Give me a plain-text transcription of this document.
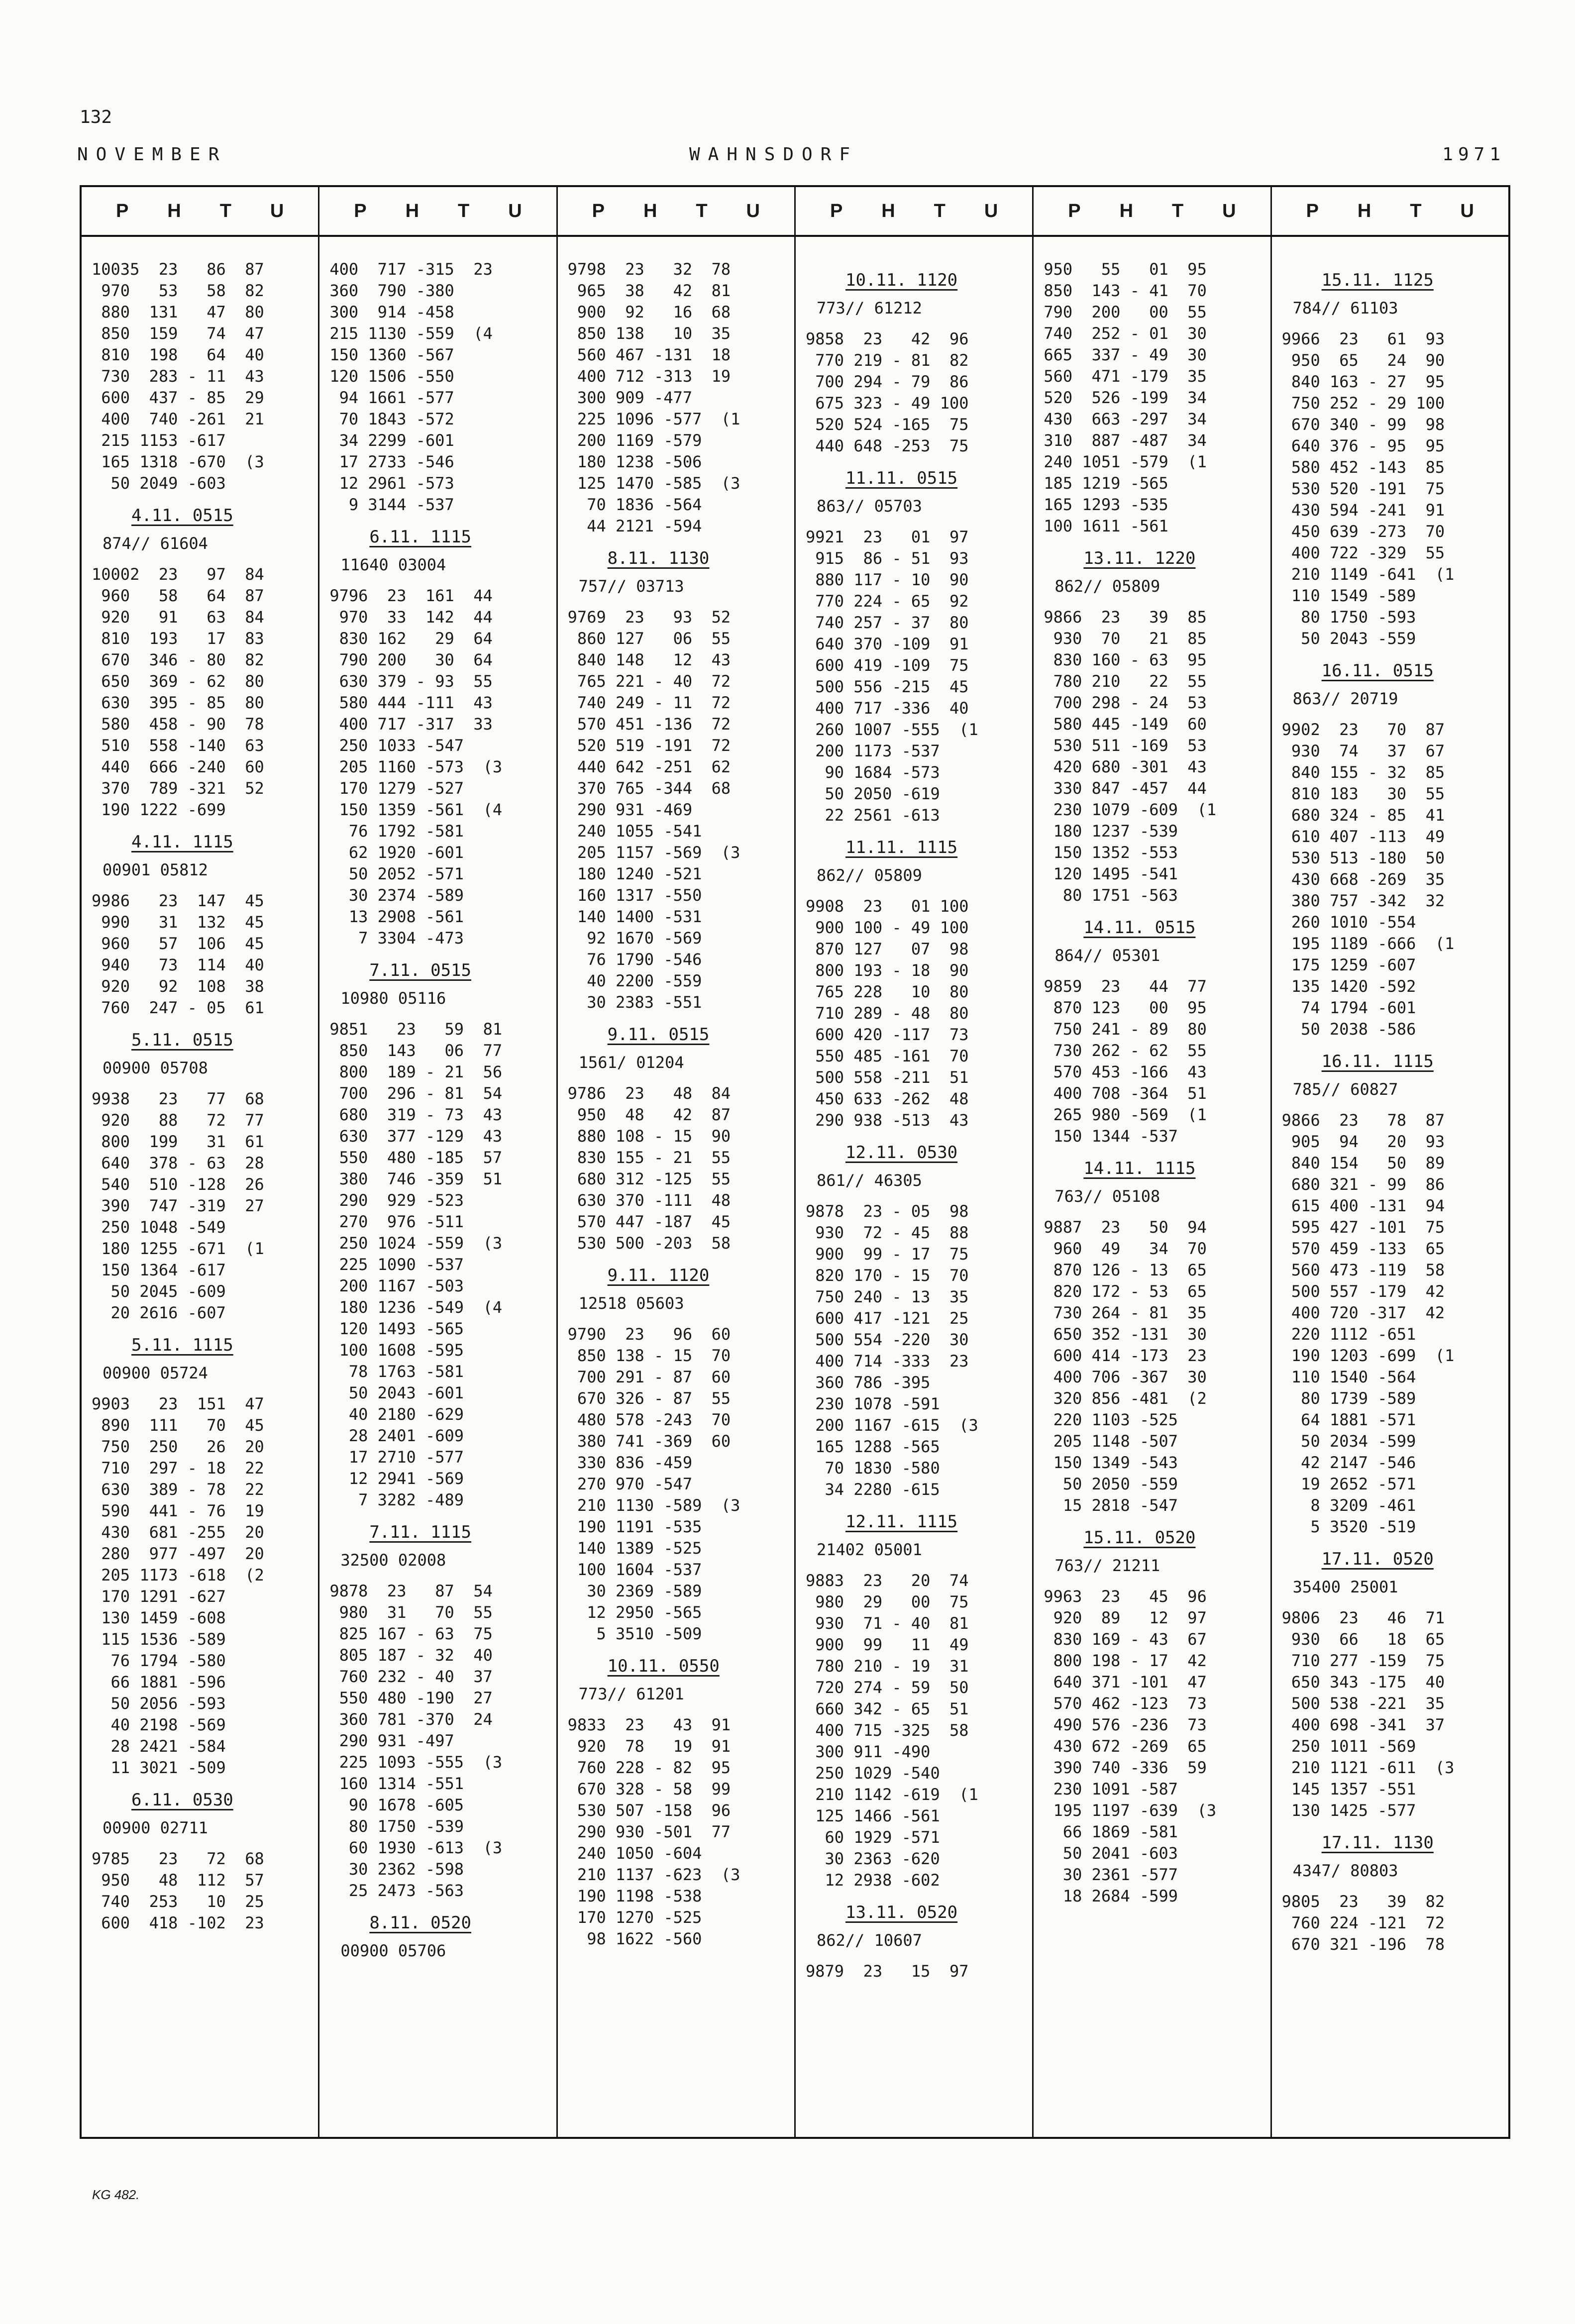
132
NOVEMBER	WAHNSDORF	1971
P H T U
10035  23   86  87
970   53   58  82
880  131   47  80
850  159   74  47
810  198   64  40
730  283 - 11  43
600  437 - 85  29
400  740 -261  21
215 1153 -617
165 1318 -670  (3
50 2049 -603
4.11. 0515
874// 61604
10002  23   97  84
960   58   64  87
920   91   63  84
810  193   17  83
670  346 - 80  82
650  369 - 62  80
630  395 - 85  80
580  458 - 90  78
510  558 -140  63
440  666 -240  60
370  789 -321  52
190 1222 -699
4.11. 1115
00901 05812
9986   23  147  45
990   31  132  45
960   57  106  45
940   73  114  40
920   92  108  38
760  247 - 05  61
5.11. 0515
00900 05708
9938   23   77  68
920   88   72  77
800  199   31  61
640  378 - 63  28
540  510 -128  26
390  747 -319  27
250 1048 -549
180 1255 -671  (1
150 1364 -617
50 2045 -609
20 2616 -607
5.11. 1115
00900 05724
9903   23  151  47
890  111   70  45
750  250   26  20
710  297 - 18  22
630  389 - 78  22
590  441 - 76  19
430  681 -255  20
280  977 -497  20
205 1173 -618  (2
170 1291 -627
130 1459 -608
115 1536 -589
76 1794 -580
66 1881 -596
50 2056 -593
40 2198 -569
28 2421 -584
11 3021 -509
6.11. 0530
00900 02711
9785   23   72  68
950   48  112  57
740  253   10  25
600  418 -102  23
P H T U
400  717 -315  23
360  790 -380
300  914 -458
215 1130 -559  (4
150 1360 -567
120 1506 -550
94 1661 -577
70 1843 -572
34 2299 -601
17 2733 -546
12 2961 -573
9 3144 -537
6.11. 1115
11640 03004
9796  23  161  44
970  33  142  44
830 162   29  64
790 200   30  64
630 379 - 93  55
580 444 -111  43
400 717 -317  33
250 1033 -547
205 1160 -573  (3
170 1279 -527
150 1359 -561  (4
76 1792 -581
62 1920 -601
50 2052 -571
30 2374 -589
13 2908 -561
7 3304 -473
7.11. 0515
10980 05116
9851   23   59  81
850  143   06  77
800  189 - 21  56
700  296 - 81  54
680  319 - 73  43
630  377 -129  43
550  480 -185  57
380  746 -359  51
290  929 -523
270  976 -511
250 1024 -559  (3
225 1090 -537
200 1167 -503
180 1236 -549  (4
120 1493 -565
100 1608 -595
78 1763 -581
50 2043 -601
40 2180 -629
28 2401 -609
17 2710 -577
12 2941 -569
7 3282 -489
7.11. 1115
32500 02008
9878  23   87  54
980  31   70  55
825 167 - 63  75
805 187 - 32  40
760 232 - 40  37
550 480 -190  27
360 781 -370  24
290 931 -497
225 1093 -555  (3
160 1314 -551
90 1678 -605
80 1750 -539
60 1930 -613  (3
30 2362 -598
25 2473 -563
8.11. 0520
00900 05706
P H T U
9798  23   32  78
965  38   42  81
900  92   16  68
850 138   10  35
560 467 -131  18
400 712 -313  19
300 909 -477
225 1096 -577  (1
200 1169 -579
180 1238 -506
125 1470 -585  (3
70 1836 -564
44 2121 -594
8.11. 1130
757// 03713
9769  23   93  52
860 127   06  55
840 148   12  43
765 221 - 40  72
740 249 - 11  72
570 451 -136  72
520 519 -191  72
440 642 -251  62
370 765 -344  68
290 931 -469
240 1055 -541
205 1157 -569  (3
180 1240 -521
160 1317 -550
140 1400 -531
92 1670 -569
76 1790 -546
40 2200 -559
30 2383 -551
9.11. 0515
1561/ 01204
9786  23   48  84
950  48   42  87
880 108 - 15  90
830 155 - 21  55
680 312 -125  55
630 370 -111  48
570 447 -187  45
530 500 -203  58
9.11. 1120
12518 05603
9790  23   96  60
850 138 - 15  70
700 291 - 87  60
670 326 - 87  55
480 578 -243  70
380 741 -369  60
330 836 -459
270 970 -547
210 1130 -589  (3
190 1191 -535
140 1389 -525
100 1604 -537
30 2369 -589
12 2950 -565
5 3510 -509
10.11. 0550
773// 61201
9833  23   43  91
920  78   19  91
760 228 - 82  95
670 328 - 58  99
530 507 -158  96
290 930 -501  77
240 1050 -604
210 1137 -623  (3
190 1198 -538
170 1270 -525
98 1622 -560
P H T U
10.11. 1120
773// 61212
9858  23   42  96
770 219 - 81  82
700 294 - 79  86
675 323 - 49 100
520 524 -165  75
440 648 -253  75
11.11. 0515
863// 05703
9921  23   01  97
915  86 - 51  93
880 117 - 10  90
770 224 - 65  92
740 257 - 37  80
640 370 -109  91
600 419 -109  75
500 556 -215  45
400 717 -336  40
260 1007 -555  (1
200 1173 -537
90 1684 -573
50 2050 -619
22 2561 -613
11.11. 1115
862// 05809
9908  23   01 100
900 100 - 49 100
870 127   07  98
800 193 - 18  90
765 228   10  80
710 289 - 48  80
600 420 -117  73
550 485 -161  70
500 558 -211  51
450 633 -262  48
290 938 -513  43
12.11. 0530
861// 46305
9878  23 - 05  98
930  72 - 45  88
900  99 - 17  75
820 170 - 15  70
750 240 - 13  35
600 417 -121  25
500 554 -220  30
400 714 -333  23
360 786 -395
230 1078 -591
200 1167 -615  (3
165 1288 -565
70 1830 -580
34 2280 -615
12.11. 1115
21402 05001
9883  23   20  74
980  29   00  75
930  71 - 40  81
900  99   11  49
780 210 - 19  31
720 274 - 59  50
660 342 - 65  51
400 715 -325  58
300 911 -490
250 1029 -540
210 1142 -619  (1
125 1466 -561
60 1929 -571
30 2363 -620
12 2938 -602
13.11. 0520
862// 10607
9879  23   15  97
P H T U
950   55   01  95
850  143 - 41  70
790  200   00  55
740  252 - 01  30
665  337 - 49  30
560  471 -179  35
520  526 -199  34
430  663 -297  34
310  887 -487  34
240 1051 -579  (1
185 1219 -565
165 1293 -535
100 1611 -561
13.11. 1220
862// 05809
9866  23   39  85
930  70   21  85
830 160 - 63  95
780 210   22  55
700 298 - 24  53
580 445 -149  60
530 511 -169  53
420 680 -301  43
330 847 -457  44
230 1079 -609  (1
180 1237 -539
150 1352 -553
120 1495 -541
80 1751 -563
14.11. 0515
864// 05301
9859  23   44  77
870 123   00  95
750 241 - 89  80
730 262 - 62  55
570 453 -166  43
400 708 -364  51
265 980 -569  (1
150 1344 -537
14.11. 1115
763// 05108
9887  23   50  94
960  49   34  70
870 126 - 13  65
820 172 - 53  65
730 264 - 81  35
650 352 -131  30
600 414 -173  23
400 706 -367  30
320 856 -481  (2
220 1103 -525
205 1148 -507
150 1349 -543
50 2050 -559
15 2818 -547
15.11. 0520
763// 21211
9963  23   45  96
920  89   12  97
830 169 - 43  67
800 198 - 17  42
640 371 -101  47
570 462 -123  73
490 576 -236  73
430 672 -269  65
390 740 -336  59
230 1091 -587
195 1197 -639  (3
66 1869 -581
50 2041 -603
30 2361 -577
18 2684 -599
P H T U
15.11. 1125
784// 61103
9966  23   61  93
950  65   24  90
840 163 - 27  95
750 252 - 29 100
670 340 - 99  98
640 376 - 95  95
580 452 -143  85
530 520 -191  75
430 594 -241  91
450 639 -273  70
400 722 -329  55
210 1149 -641  (1
110 1549 -589
80 1750 -593
50 2043 -559
16.11. 0515
863// 20719
9902  23   70  87
930  74   37  67
840 155 - 32  85
810 183   30  55
680 324 - 85  41
610 407 -113  49
530 513 -180  50
430 668 -269  35
380 757 -342  32
260 1010 -554
195 1189 -666  (1
175 1259 -607
135 1420 -592
74 1794 -601
50 2038 -586
16.11. 1115
785// 60827
9866  23   78  87
905  94   20  93
840 154   50  89
680 321 - 99  86
615 400 -131  94
595 427 -101  75
570 459 -133  65
560 473 -119  58
500 557 -179  42
400 720 -317  42
220 1112 -651
190 1203 -699  (1
110 1540 -564
80 1739 -589
64 1881 -571
50 2034 -599
42 2147 -546
19 2652 -571
8 3209 -461
5 3520 -519
17.11. 0520
35400 25001
9806  23   46  71
930  66   18  65
710 277 -159  75
650 343 -175  40
500 538 -221  35
400 698 -341  37
250 1011 -569
210 1121 -611  (3
145 1357 -551
130 1425 -577
17.11. 1130
4347/ 80803
9805  23   39  82
760 224 -121  72
670 321 -196  78
KG 482.
